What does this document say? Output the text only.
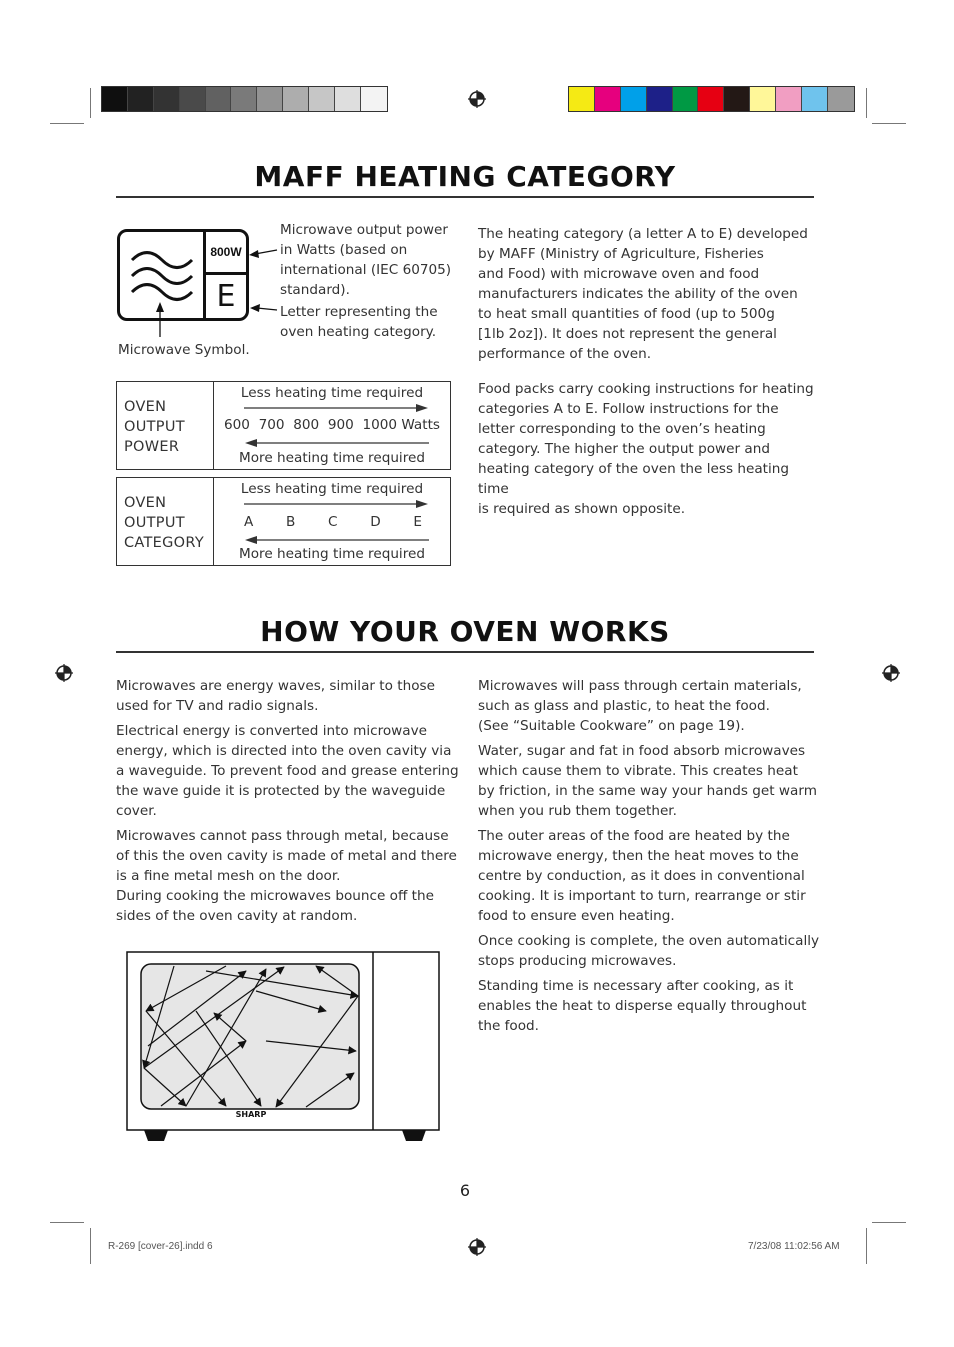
MAFF HEATING CATEGORY
800W
E
Microwave output power
in Watts (based on
international (IEC 60705)
standard).
Letter representing the
oven heating category.
Microwave Symbol.
The heating category (a letter A to E) developed
by MAFF (Ministry of Agriculture, Fisheries
and Food) with microwave oven and food
manufacturers indicates the ability of the oven
to heat small quantities of food (up to 500g
[1lb 2oz]). It does not represent the general
performance of the oven.
Food packs carry cooking instructions for heating
categories A to E. Follow instructions for the
letter corresponding to the oven’s heating
category. The higher the output power and
heating category of the oven the less heating time
is required as shown opposite.
OVEN
OUTPUT
POWER
Less heating time required
600 700 800 900 1000 Watts
More heating time required
OVEN
OUTPUT
CATEGORY
Less heating time required
A B C D E
More heating time required
HOW YOUR OVEN WORKS
Microwaves are energy waves, similar to those
used for TV and radio signals.
Electrical energy is converted into microwave
energy, which is directed into the oven cavity via
a waveguide. To prevent food and grease entering
the wave guide it is protected by the waveguide
cover.
Microwaves cannot pass through metal, because
of this the oven cavity is made of metal and there
is a fine metal mesh on the door.
During cooking the microwaves bounce off the
sides of the oven cavity at random.
Microwaves will pass through certain materials,
such as glass and plastic, to heat the food.
(See “Suitable Cookware” on page 19).
Water, sugar and fat in food absorb microwaves
which cause them to vibrate. This creates heat
by friction, in the same way your hands get warm
when you rub them together.
The outer areas of the food are heated by the
microwave energy, then the heat moves to the
centre by conduction, as it does in conventional
cooking. It is important to turn, rearrange or stir
food to ensure even heating.
Once cooking is complete, the oven automatically
stops producing microwaves.
Standing time is necessary after cooking, as it
enables the heat to disperse equally throughout
the food.
SHARP
6
R-269 [cover-26].indd 6	7/23/08 11:02:56 AM
